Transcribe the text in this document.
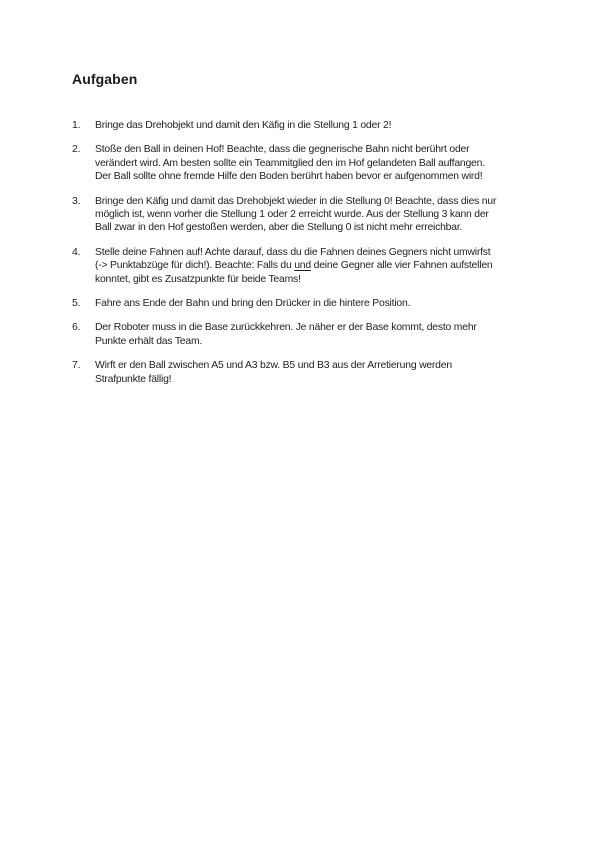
Aufgaben
1.	Bringe das Drehobjekt und damit den Käfig in die Stellung 1 oder 2!
2.	Stoße den Ball in deinen Hof! Beachte, dass die gegnerische Bahn nicht berührt oder
verändert wird. Am besten sollte ein Teammitglied den im Hof gelandeten Ball auffangen.
Der Ball sollte ohne fremde Hilfe den Boden berührt haben bevor er aufgenommen wird!
3.	Bringe den Käfig und damit das Drehobjekt wieder in die Stellung 0! Beachte, dass dies nur
möglich ist, wenn vorher die Stellung 1 oder 2 erreicht wurde. Aus der Stellung 3 kann der
Ball zwar in den Hof gestoßen werden, aber die Stellung 0 ist nicht mehr erreichbar.
4.	Stelle deine Fahnen auf! Achte darauf, dass du die Fahnen deines Gegners nicht umwirfst
(-> Punktabzüge für dich!). Beachte: Falls du und deine Gegner alle vier Fahnen aufstellen
konntet, gibt es Zusatzpunkte für beide Teams!
5.	Fahre ans Ende der Bahn und bring den Drücker in die hintere Position.
6.	Der Roboter muss in die Base zurückkehren. Je näher er der Base kommt, desto mehr
Punkte erhält das Team.
7.	Wirft er den Ball zwischen A5 und A3 bzw. B5 und B3 aus der Arretierung werden
Strafpunkte fällig!
